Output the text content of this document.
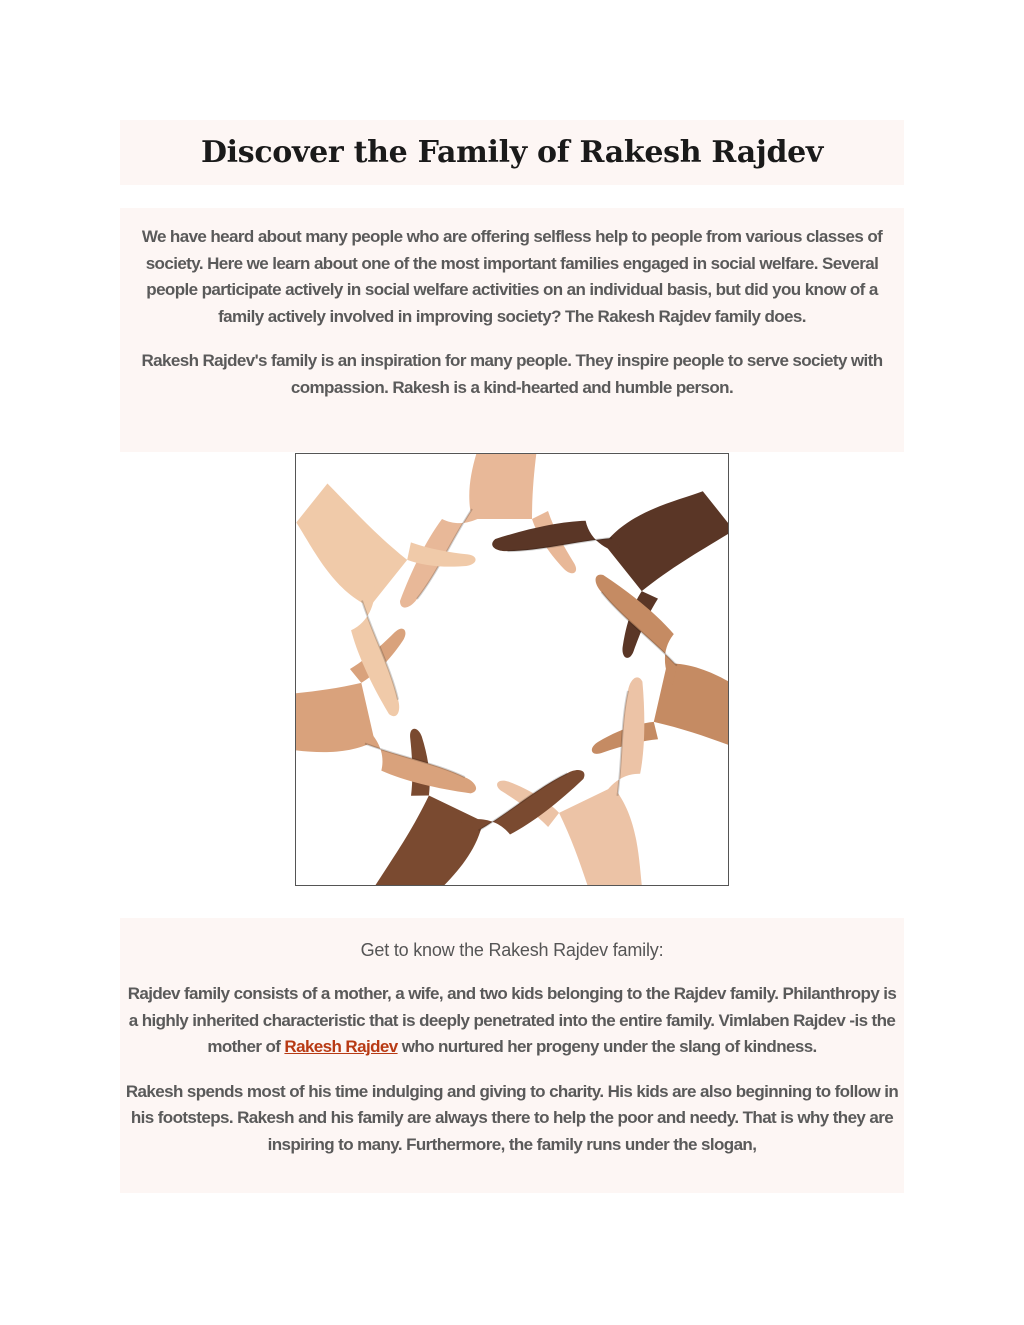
Discover the Family of Rakesh Rajdev

We have heard about many people who are offering selfless help to people from various classes of society. Here we learn about one of the most important families engaged in social welfare. Several people participate actively in social welfare activities on an individual basis, but did you know of a family actively involved in improving society? The Rakesh Rajdev family does.

Rakesh Rajdev's family is an inspiration for many people. They inspire people to serve society with compassion. Rakesh is a kind-hearted and humble person.

Get to know the Rakesh Rajdev family:

Rajdev family consists of a mother, a wife, and two kids belonging to the Rajdev family. Philanthropy is a highly inherited characteristic that is deeply penetrated into the entire family. Vimlaben Rajdev -is the mother of Rakesh Rajdev who nurtured her progeny under the slang of kindness.

Rakesh spends most of his time indulging and giving to charity. His kids are also beginning to follow in his footsteps. Rakesh and his family are always there to help the poor and needy. That is why they are inspiring to many. Furthermore, the family runs under the slogan,
